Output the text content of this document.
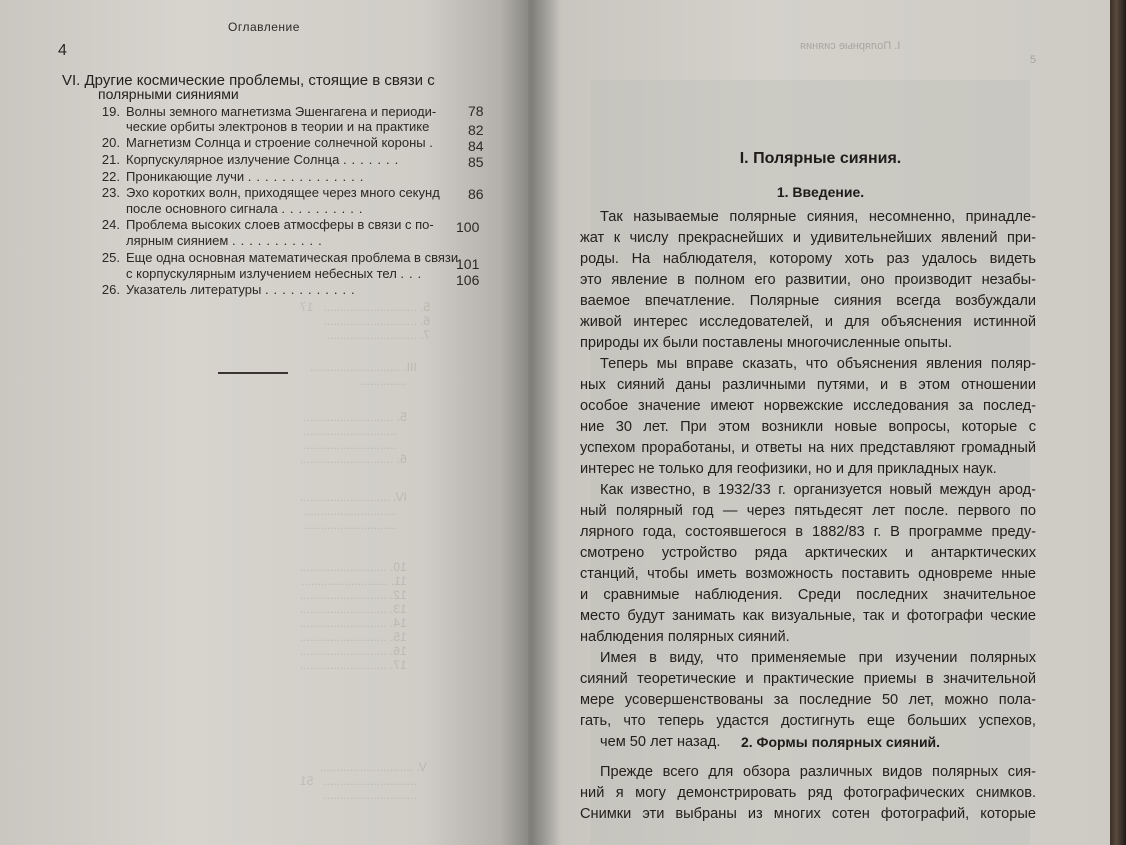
5. ............................   17
6. ............................
7. ...........................
III. ...........................
..............
5. ...........................
............................
............................
6. ............................
IV. ...........................
............................
............................
10. ..........................
11. ..........................
12. ..........................
13. ..........................
14. ..........................
15. ..........................
16. ..........................
17. ..........................
V. ............................
............................   51
............................
Оглавление
4
VI. Другие космические проблемы, стоящие в связи с
полярными сияниями
19. Волны земного магнетизма Эшенгагена и периоди-
ческие орбиты электронов в теории и на практике
78
20. Магнетизм Солнца и строение солнечной короны .
82
21. Корпускулярное излучение Солнца .......
84
22. Проникающие лучи ..............
85
23. Эхо коротких волн, приходящее через много секунд
после основного сигнала ..........
86
24. Проблема высоких слоев атмосферы в связи с по-
лярным сиянием ...........
100
25. Еще одна основная математическая проблема в связи
с корпускулярным излучением небесных тел ...
101
26. Указатель литературы ...........
106
I. Полярные сияния
5
I. Полярные сияния.
1. Введение.
Так называемые полярные сияния, несомненно, принадле-
жат к числу прекраснейших и удивительнейших явлений при-
роды. На наблюдателя, которому хоть раз удалось видеть
это явление в полном его развитии, оно производит незабы-
ваемое впечатление. Полярные сияния всегда возбуждали
живой интерес исследователей, и для объяснения истинной
природы их были поставлены многочисленные опыты.
Теперь мы вправе сказать, что объяснения явления поляр-
ных сияний даны различными путями, и в этом отношении
особое значение имеют норвежские исследования за послед-
ние 30 лет. При этом возникли новые вопросы, которые с
успехом проработаны, и ответы на них представляют громадный
интерес не только для геофизики, но и для прикладных наук.
Как известно, в 1932/33 г. организуется новый междун арод-
ный полярный год — через пятьдесят лет после. первого по
лярного года, состоявшегося в 1882/83 г. В программе преду-
смотрено устройство ряда арктических и антарктических
станций, чтобы иметь возможность поставить одновреме нные
и сравнимые наблюдения. Среди последних значительное
место будут занимать как визуальные, так и фотографи ческие
наблюдения полярных сияний.
Имея в виду, что применяемые при изучении полярных
сияний теоретические и практические приемы в значительной
мере усовершенствованы за последние 50 лет, можно пола-
гать, что теперь удастся достигнуть еще больших успехов,
чем 50 лет назад.	2. Формы полярных сияний.
Прежде всего для обзора различных видов полярных сия-
ний я могу демонстрировать ряд фотографических снимков.
Снимки эти выбраны из многих сотен фотографий, которые
